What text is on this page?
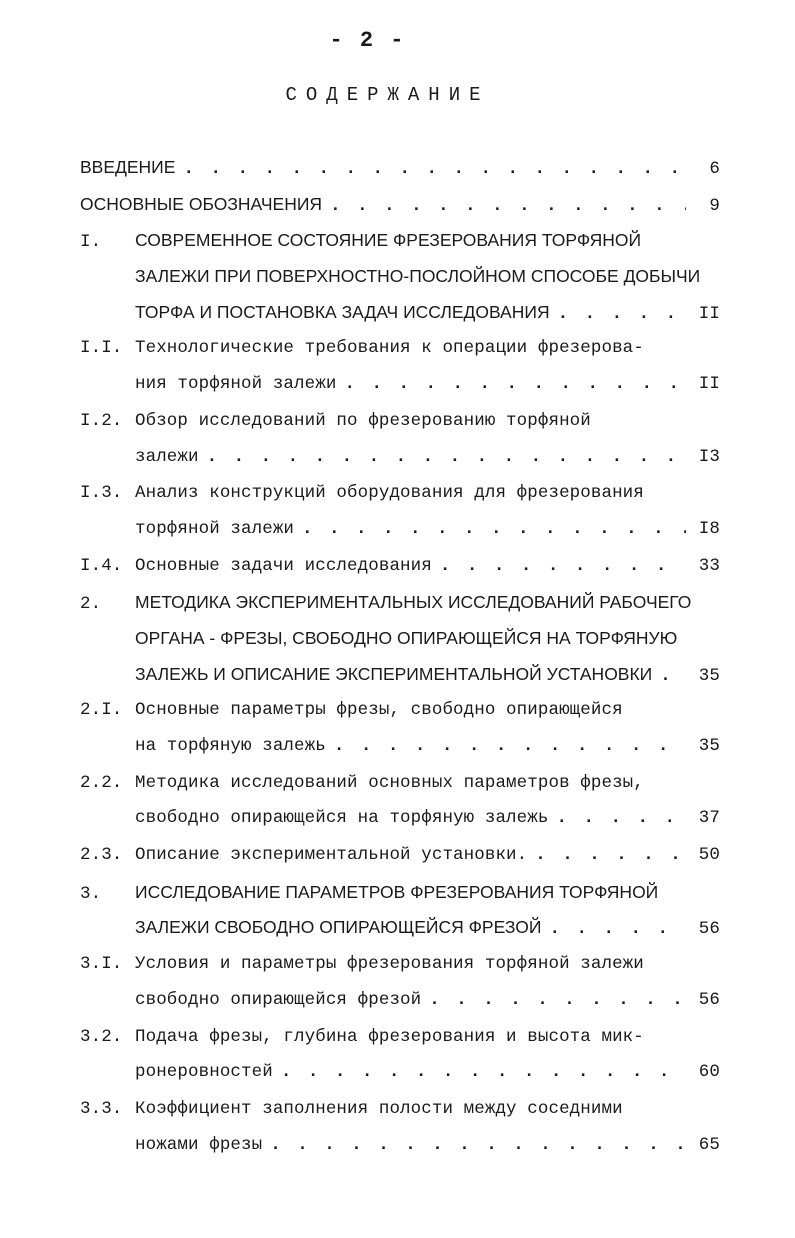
- 2 -
СОДЕРЖАНИЕ
ВВЕДЕНИЕ . . .	6
ОСНОВНЫЕ ОБОЗНАЧЕНИЯ . . .	9
I.	СОВРЕМЕННОЕ СОСТОЯНИЕ ФРЕЗЕРОВАНИЯ ТОРФЯНОЙ
ЗАЛЕЖИ ПРИ ПОВЕРХНОСТНО-ПОСЛОЙНОМ СПОСОБЕ ДОБЫЧИ
ТОРФА И ПОСТАНОВКА ЗАДАЧ ИССЛЕДОВАНИЯ . . .	II
I.I. Технологические требования к операции фрезерова-
ния торфяной залежи . . .	II
I.2. Обзор исследований по фрезерованию торфяной
залежи . . .	I3
I.3. Анализ конструкций оборудования для фрезерования
торфяной залежи . . .	I8
I.4. Основные задачи исследования . . .	33
2.	МЕТОДИКА ЭКСПЕРИМЕНТАЛЬНЫХ ИССЛЕДОВАНИЙ РАБОЧЕГО
ОРГАНА - ФРЕЗЫ, СВОБОДНО ОПИРАЮЩЕЙСЯ НА ТОРФЯНУЮ
ЗАЛЕЖЬ И ОПИСАНИЕ ЭКСПЕРИМЕНТАЛЬНОЙ УСТАНОВКИ . . .	35
2.I. Основные параметры фрезы, свободно опирающейся
на торфяную залежь . . .	35
2.2. Методика исследований основных параметров фрезы,
свободно опирающейся на торфяную залежь . . .	37
2.3. Описание экспериментальной установки. . . .	50
3.	ИССЛЕДОВАНИЕ ПАРАМЕТРОВ ФРЕЗЕРОВАНИЯ ТОРФЯНОЙ
ЗАЛЕЖИ СВОБОДНО ОПИРАЮЩЕЙСЯ ФРЕЗОЙ . . .	56
3.I. Условия и параметры фрезерования торфяной залежи
свободно опирающейся фрезой . . .	56
3.2. Подача фрезы, глубина фрезерования и высота мик-
ронеровностей . . .	60
3.3. Коэффициент заполнения полости между соседними
ножами фрезы . . .	65
